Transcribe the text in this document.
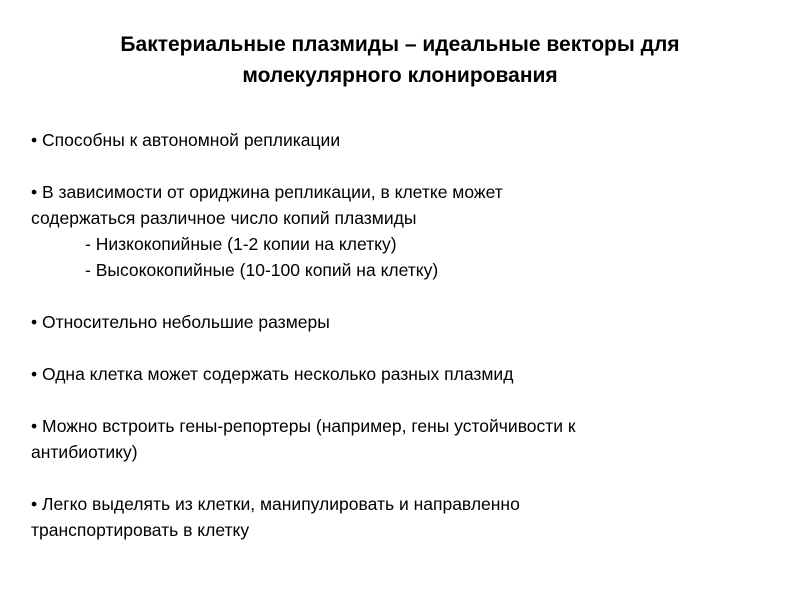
Бактериальные плазмиды – идеальные векторы для
молекулярного клонирования
• Способны к автономной репликации
• В зависимости от ориджина репликации, в клетке может
содержаться различное число копий плазмиды
- Низкокопийные (1-2 копии на клетку)
- Высококопийные (10-100 копий на клетку)
• Относительно небольшие размеры
• Одна клетка может содержать несколько разных плазмид
• Можно встроить гены-репортеры (например, гены устойчивости к
антибиотику)
• Легко выделять из клетки, манипулировать и направленно
транспортировать в клетку
